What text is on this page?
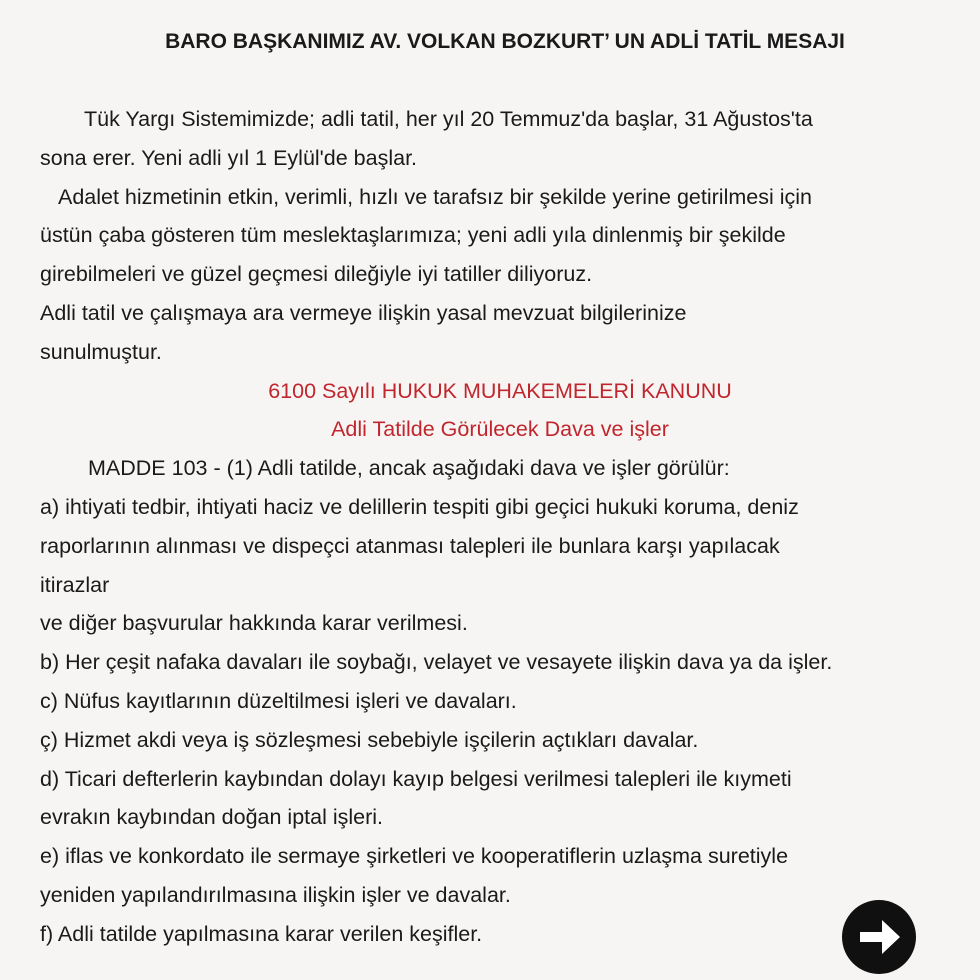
BARO BAŞKANIMIZ AV. VOLKAN BOZKURT’ UN ADLİ TATİL MESAJI

Tük Yargı Sistemimizde; adli tatil, her yıl 20 Temmuz'da başlar, 31 Ağustos'ta

sona erer. Yeni adli yıl 1 Eylül'de başlar.

Adalet hizmetinin etkin, verimli, hızlı ve tarafsız bir şekilde yerine getirilmesi için

üstün çaba gösteren tüm meslektaşlarımıza; yeni adli yıla dinlenmiş bir şekilde

girebilmeleri ve güzel geçmesi dileğiyle iyi tatiller diliyoruz.

Adli tatil ve çalışmaya ara vermeye ilişkin yasal mevzuat bilgilerinize

sunulmuştur.

6100 Sayılı HUKUK MUHAKEMELERİ KANUNU

Adli Tatilde Görülecek Dava ve işler

MADDE 103 - (1) Adli tatilde, ancak aşağıdaki dava ve işler görülür:

a) ihtiyati tedbir, ihtiyati haciz ve delillerin tespiti gibi geçici hukuki koruma, deniz

raporlarının alınması ve dispeçci atanması talepleri ile bunlara karşı yapılacak

itirazlar

ve diğer başvurular hakkında karar verilmesi.

b) Her çeşit nafaka davaları ile soybağı, velayet ve vesayete ilişkin dava ya da işler.

c) Nüfus kayıtlarının düzeltilmesi işleri ve davaları.

ç) Hizmet akdi veya iş sözleşmesi sebebiyle işçilerin açtıkları davalar.

d) Ticari defterlerin kaybından dolayı kayıp belgesi verilmesi talepleri ile kıymeti

evrakın kaybından doğan iptal işleri.

e) iflas ve konkordato ile sermaye şirketleri ve kooperatiflerin uzlaşma suretiyle

yeniden yapılandırılmasına ilişkin işler ve davalar.

f) Adli tatilde yapılmasına karar verilen keşifler.
